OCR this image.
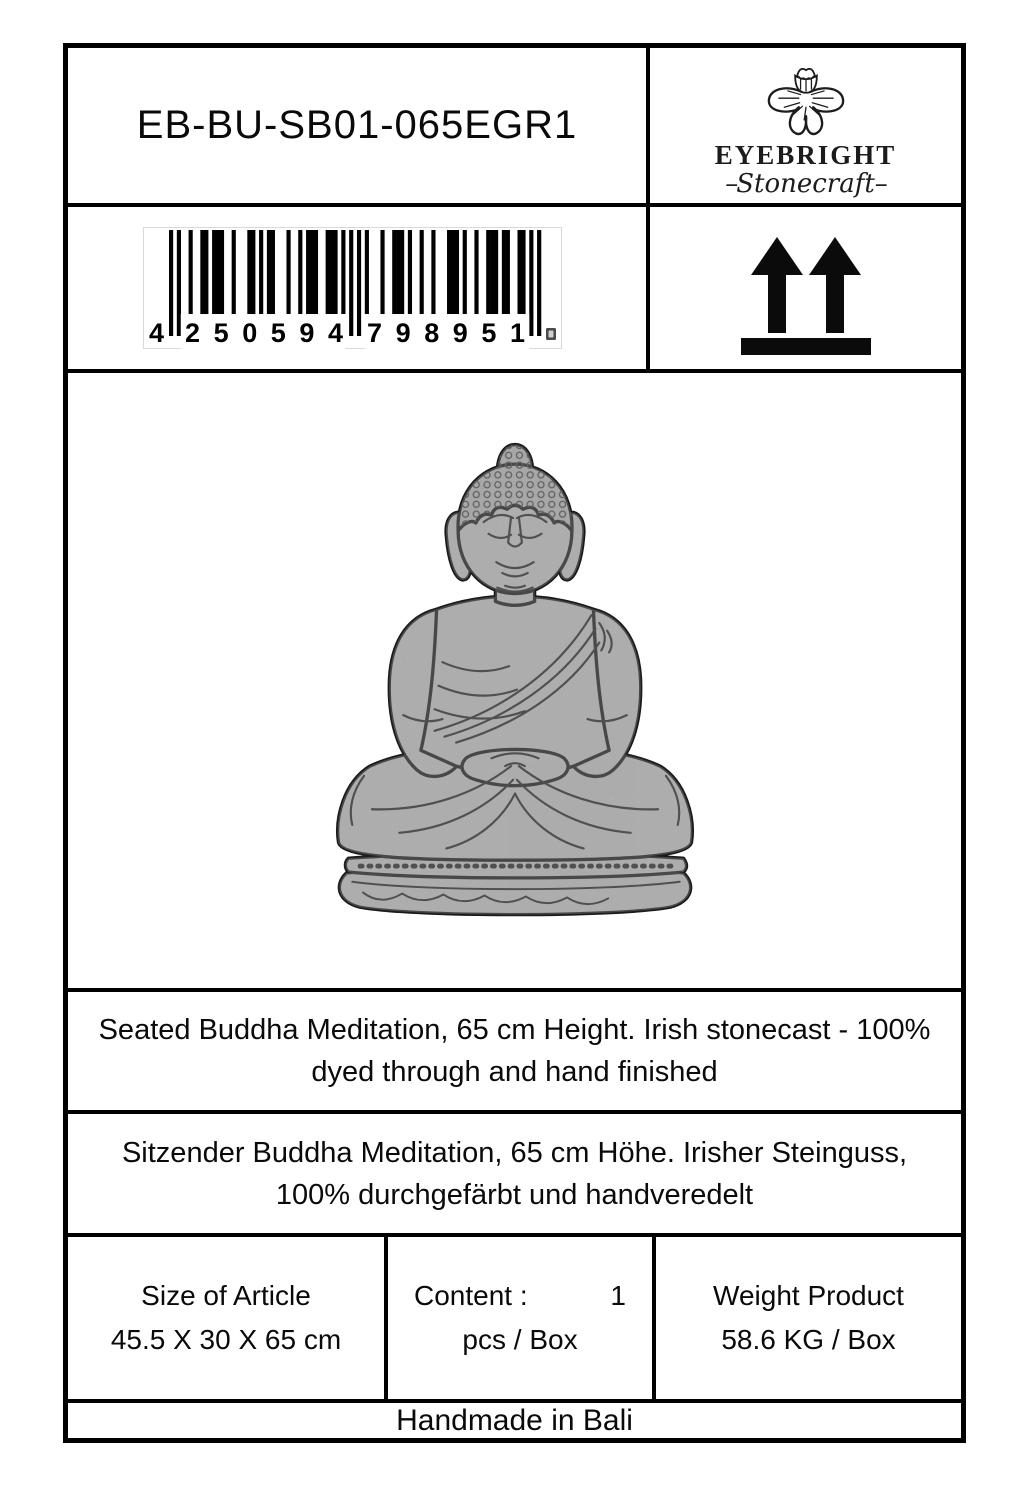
EB-BU-SB01-065EGR1
EYEBRIGHT
–Stonecraft–
4 250594 798951
Seated Buddha Meditation, 65 cm Height. Irish stonecast - 100%
dyed through and hand finished
Sitzender Buddha Meditation, 65 cm Höhe. Irisher Steinguss,
100% durchgefärbt und handveredelt
Size of Article
45.5 X 30 X 65 cm
Content :	1
pcs / Box
Weight Product
58.6 KG / Box
Handmade in Bali
